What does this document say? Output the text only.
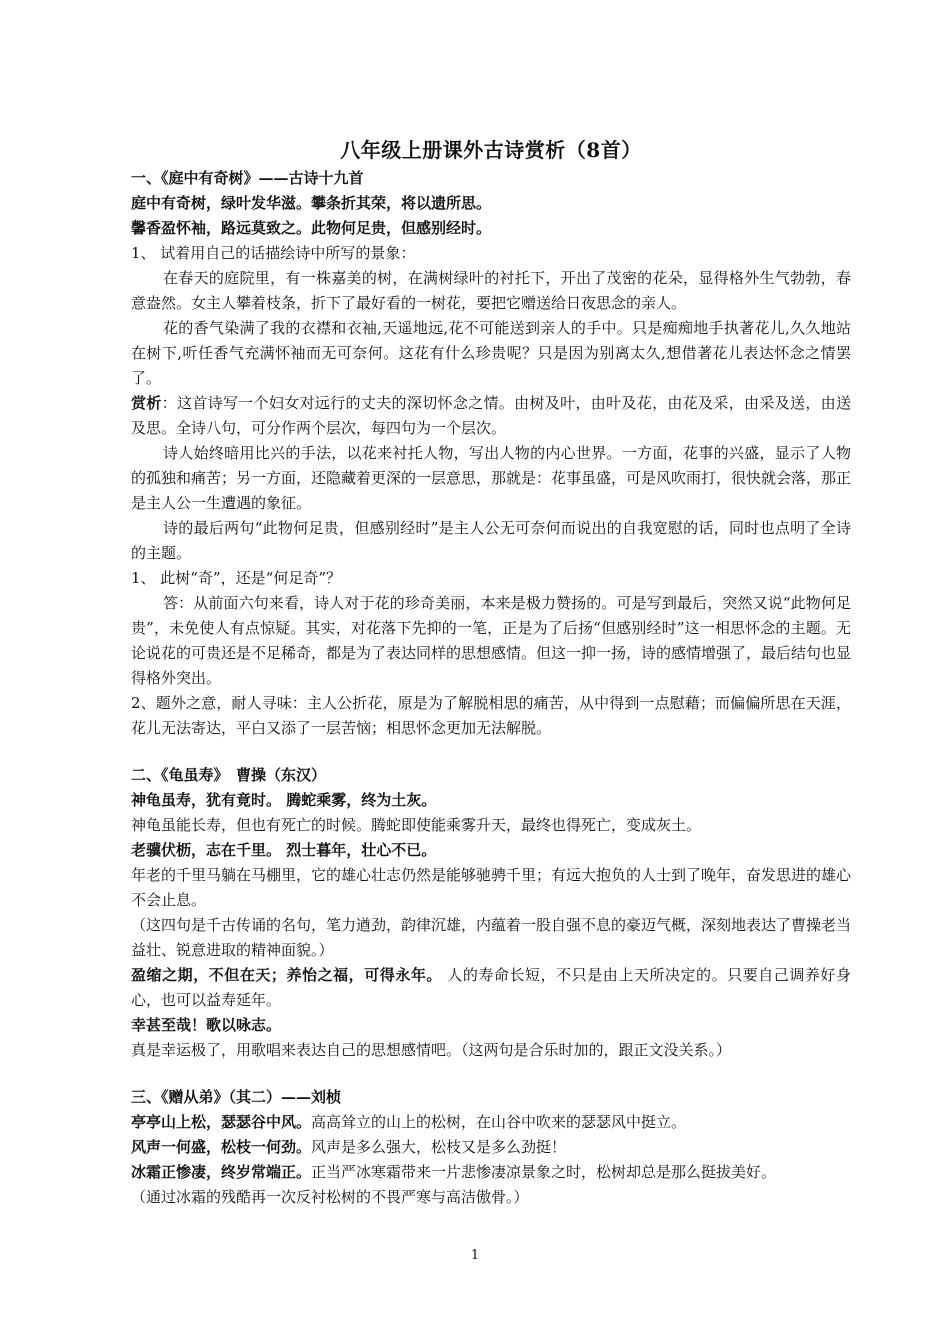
八年级上册课外古诗赏析（8首）

一、《庭中有奇树》——古诗十九首

庭中有奇树，绿叶发华滋。攀条折其荣，将以遗所思。

馨香盈怀袖，路远莫致之。此物何足贵，但感别经时。

1、 试着用自己的话描绘诗中所写的景象：

在春天的庭院里，有一株嘉美的树，在满树绿叶的衬托下，开出了茂密的花朵，显得格外生气勃勃，春意盎然。女主人攀着枝条，折下了最好看的一树花，要把它赠送给日夜思念的亲人。

花的香气染满了我的衣襟和衣袖,天遥地远,花不可能送到亲人的手中。只是痴痴地手执著花儿,久久地站在树下,听任香气充满怀袖而无可奈何。这花有什么珍贵呢？只是因为别离太久,想借著花儿表达怀念之情罢了。

赏析：这首诗写一个妇女对远行的丈夫的深切怀念之情。由树及叶，由叶及花，由花及采，由采及送，由送及思。全诗八句，可分作两个层次，每四句为一个层次。

诗人始终暗用比兴的手法，以花来衬托人物，写出人物的内心世界。一方面，花事的兴盛，显示了人物的孤独和痛苦；另一方面，还隐藏着更深的一层意思，那就是：花事虽盛，可是风吹雨打，很快就会落，那正是主人公一生遭遇的象征。

诗的最后两句“此物何足贵，但感别经时”是主人公无可奈何而说出的自我宽慰的话，同时也点明了全诗的主题。

1、 此树“奇”，还是“何足奇”？

答：从前面六句来看，诗人对于花的珍奇美丽，本来是极力赞扬的。可是写到最后，突然又说“此物何足贵”，未免使人有点惊疑。其实，对花落下先抑的一笔，正是为了后扬“但感别经时”这一相思怀念的主题。无论说花的可贵还是不足稀奇，都是为了表达同样的思想感情。但这一抑一扬，诗的感情增强了，最后结句也显得格外突出。

2、题外之意，耐人寻味：主人公折花，原是为了解脱相思的痛苦，从中得到一点慰藉；而偏偏所思在天涯，花儿无法寄达，平白又添了一层苦恼；相思怀念更加无法解脱。

二、《龟虽寿》　曹操（东汉）

神龟虽寿，犹有竟时。 腾蛇乘雾，终为土灰。

神龟虽能长寿，但也有死亡的时候。腾蛇即使能乘雾升天，最终也得死亡，变成灰土。

老骥伏枥，志在千里。 烈士暮年，壮心不已。

年老的千里马躺在马棚里，它的雄心壮志仍然是能够驰骋千里；有远大抱负的人士到了晚年，奋发思进的雄心不会止息。

（这四句是千古传诵的名句，笔力遒劲，韵律沉雄，内蕴着一股自强不息的豪迈气概，深刻地表达了曹操老当益壮、锐意进取的精神面貌。）

盈缩之期，不但在天；养怡之福，可得永年。 人的寿命长短，不只是由上天所决定的。只要自己调养好身心，也可以益寿延年。

幸甚至哉！歌以咏志。

真是幸运极了，用歌唱来表达自己的思想感情吧。（这两句是合乐时加的，跟正文没关系。）

三、《赠从弟》（其二）——刘桢

亭亭山上松，瑟瑟谷中风。高高耸立的山上的松树，在山谷中吹来的瑟瑟风中挺立。

风声一何盛，松枝一何劲。风声是多么强大，松枝又是多么劲挺！

冰霜正惨凄，终岁常端正。正当严冰寒霜带来一片悲惨凄凉景象之时，松树却总是那么挺拔美好。

（通过冰霜的残酷再一次反衬松树的不畏严寒与高洁傲骨。）

1
